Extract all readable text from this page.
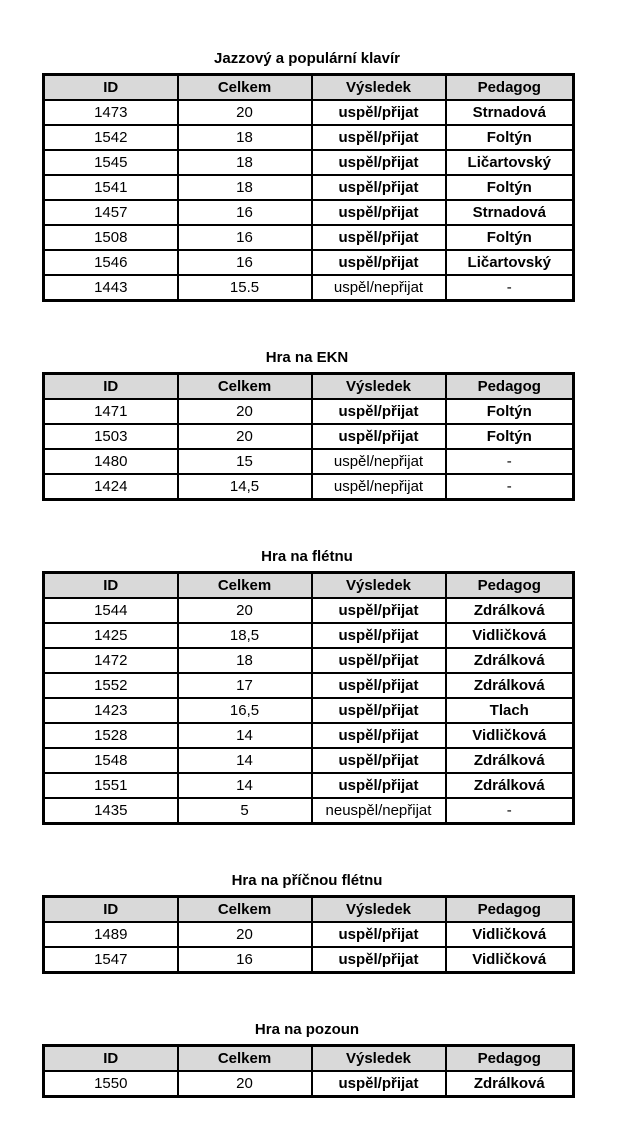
Jazzový a populární klavír
ID	Celkem	Výsledek	Pedagog
1473	20	uspěl/přijat	Strnadová
1542	18	uspěl/přijat	Foltýn
1545	18	uspěl/přijat	Ličartovský
1541	18	uspěl/přijat	Foltýn
1457	16	uspěl/přijat	Strnadová
1508	16	uspěl/přijat	Foltýn
1546	16	uspěl/přijat	Ličartovský
1443	15.5	uspěl/nepřijat	-
Hra na EKN
ID	Celkem	Výsledek	Pedagog
1471	20	uspěl/přijat	Foltýn
1503	20	uspěl/přijat	Foltýn
1480	15	uspěl/nepřijat	-
1424	14,5	uspěl/nepřijat	-
Hra na flétnu
ID	Celkem	Výsledek	Pedagog
1544	20	uspěl/přijat	Zdrálková
1425	18,5	uspěl/přijat	Vidličková
1472	18	uspěl/přijat	Zdrálková
1552	17	uspěl/přijat	Zdrálková
1423	16,5	uspěl/přijat	Tlach
1528	14	uspěl/přijat	Vidličková
1548	14	uspěl/přijat	Zdrálková
1551	14	uspěl/přijat	Zdrálková
1435	5	neuspěl/nepřijat	-
Hra na příčnou flétnu
ID	Celkem	Výsledek	Pedagog
1489	20	uspěl/přijat	Vidličková
1547	16	uspěl/přijat	Vidličková
Hra na pozoun
ID	Celkem	Výsledek	Pedagog
1550	20	uspěl/přijat	Zdrálková
